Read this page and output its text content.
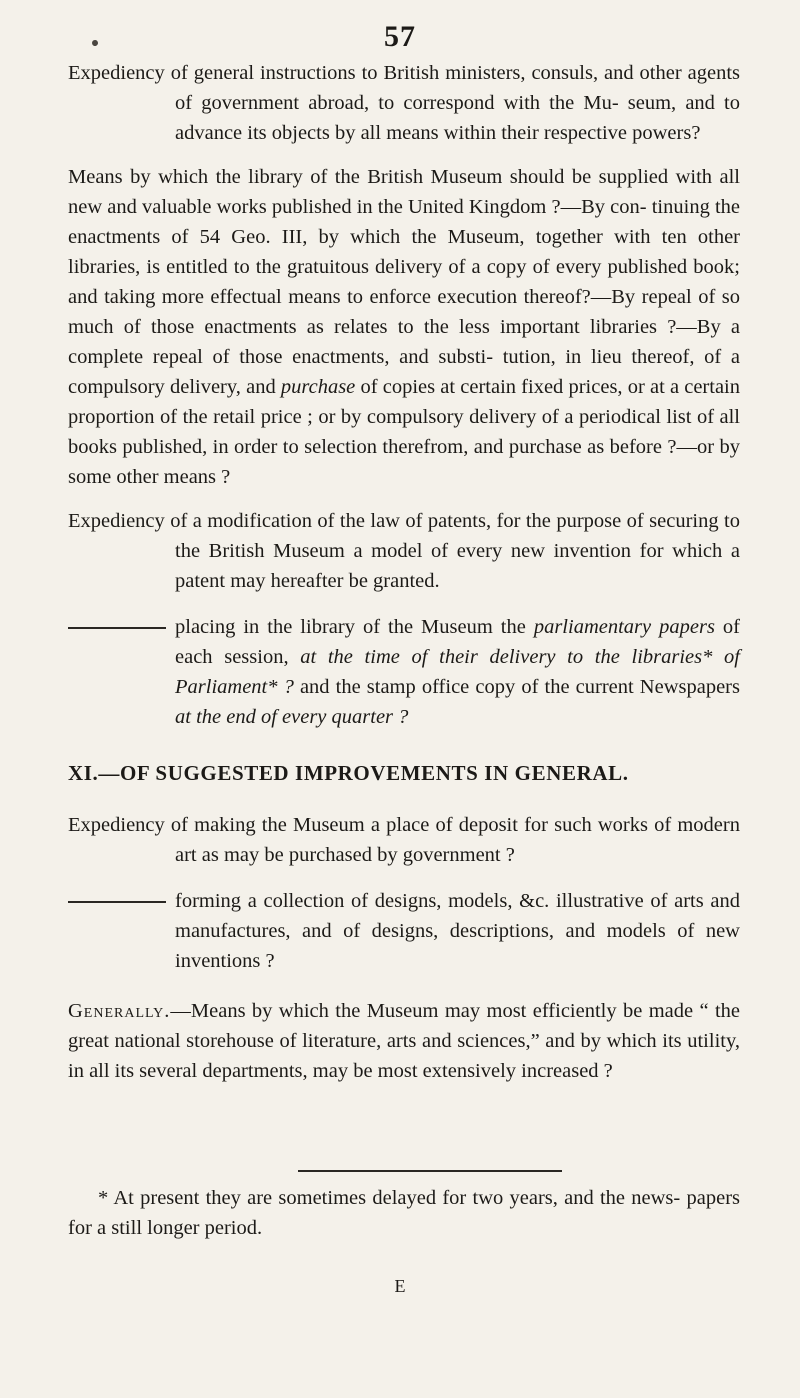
57

Expediency of general instructions to British ministers, consuls, and other agents of government abroad, to correspond with the Mu- seum, and to advance its objects by all means within their respective powers?

Means by which the library of the British Museum should be supplied with all new and valuable works published in the United Kingdom ?—By con- tinuing the enactments of 54 Geo. III, by which the Museum, together with ten other libraries, is entitled to the gratuitous delivery of a copy of every published book; and taking more effectual means to enforce execution thereof?—By repeal of so much of those enactments as relates to the less important libraries ?—By a complete repeal of those enactments, and substi- tution, in lieu thereof, of a compulsory delivery, and purchase of copies at certain fixed prices, or at a certain proportion of the retail price ; or by compulsory delivery of a periodical list of all books published, in order to selection therefrom, and purchase as before ?—or by some other means ?

Expediency of a modification of the law of patents, for the purpose of securing to the British Museum a model of every new invention for which a patent may hereafter be granted.

placing in the library of the Museum the parliamentary papers of each session, at the time of their delivery to the libraries* of Parliament* ? and the stamp office copy of the current Newspapers at the end of every quarter ?

XI.—OF SUGGESTED IMPROVEMENTS IN GENERAL.

Expediency of making the Museum a place of deposit for such works of modern art as may be purchased by government ?

forming a collection of designs, models, &c. illustrative of arts and manufactures, and of designs, descriptions, and models of new inventions ?

Generally.—Means by which the Museum may most efficiently be made “ the great national storehouse of literature, arts and sciences,” and by which its utility, in all its several departments, may be most extensively increased ?

* At present they are sometimes delayed for two years, and the news- papers for a still longer period.

E
